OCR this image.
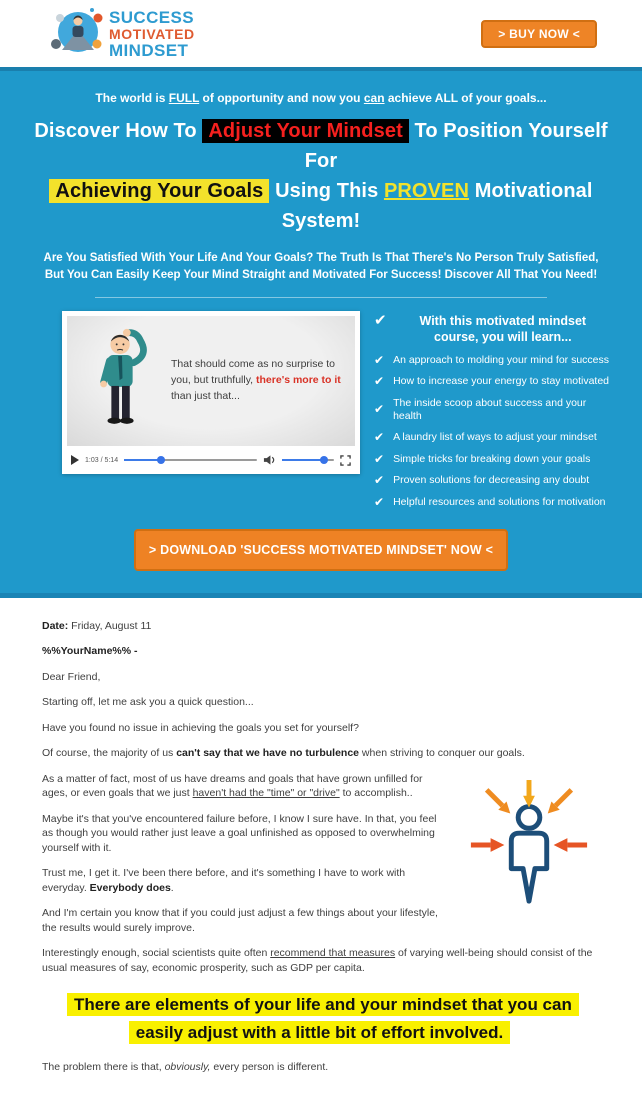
SUCCESS
MOTIVATED
MINDSET
> BUY NOW <

The world is FULL of opportunity and now you can achieve ALL of your goals...

Discover How To Adjust Your Mindset To Position Yourself For
Achieving Your Goals Using This PROVEN Motivational System!

Are You Satisfied With Your Life And Your Goals? The Truth Is That There's No Person Truly Satisfied, But You Can Easily Keep Your Mind Straight and Motivated For Success! Discover All That You Need!

That should come as no surprise to you, but truthfully, there's more to it than just that...
1:03 / 5:14
✔	With this motivated mindset course, you will learn...
✔ An approach to molding your mind for success
✔ How to increase your energy to stay motivated
✔ The inside scoop about success and your health
✔ A laundry list of ways to adjust your mindset
✔ Simple tricks for breaking down your goals
✔ Proven solutions for decreasing any doubt
✔ Helpful resources and solutions for motivation
> DOWNLOAD 'SUCCESS MOTIVATED MINDSET' NOW <

Date: Friday, August 11

%%YourName%% -

Dear Friend,

Starting off, let me ask you a quick question...

Have you found no issue in achieving the goals you set for yourself?

Of course, the majority of us can't say that we have no turbulence when striving to conquer our goals.

As a matter of fact, most of us have dreams and goals that have grown unfilled for ages, or even goals that we just haven't had the "time" or "drive" to accomplish..

Maybe it's that you've encountered failure before, I know I sure have. In that, you feel as though you would rather just leave a goal unfinished as opposed to overwhelming yourself with it.

Trust me, I get it. I've been there before, and it's something I have to work with everyday. Everybody does.

And I'm certain you know that if you could just adjust a few things about your lifestyle, the results would surely improve.

Interestingly enough, social scientists quite often recommend that measures of varying well-being should consist of the usual measures of say, economic prosperity, such as GDP per capita.

There are elements of your life and your mindset that you can easily adjust with a little bit of effort involved.

The problem there is that, obviously, every person is different.
